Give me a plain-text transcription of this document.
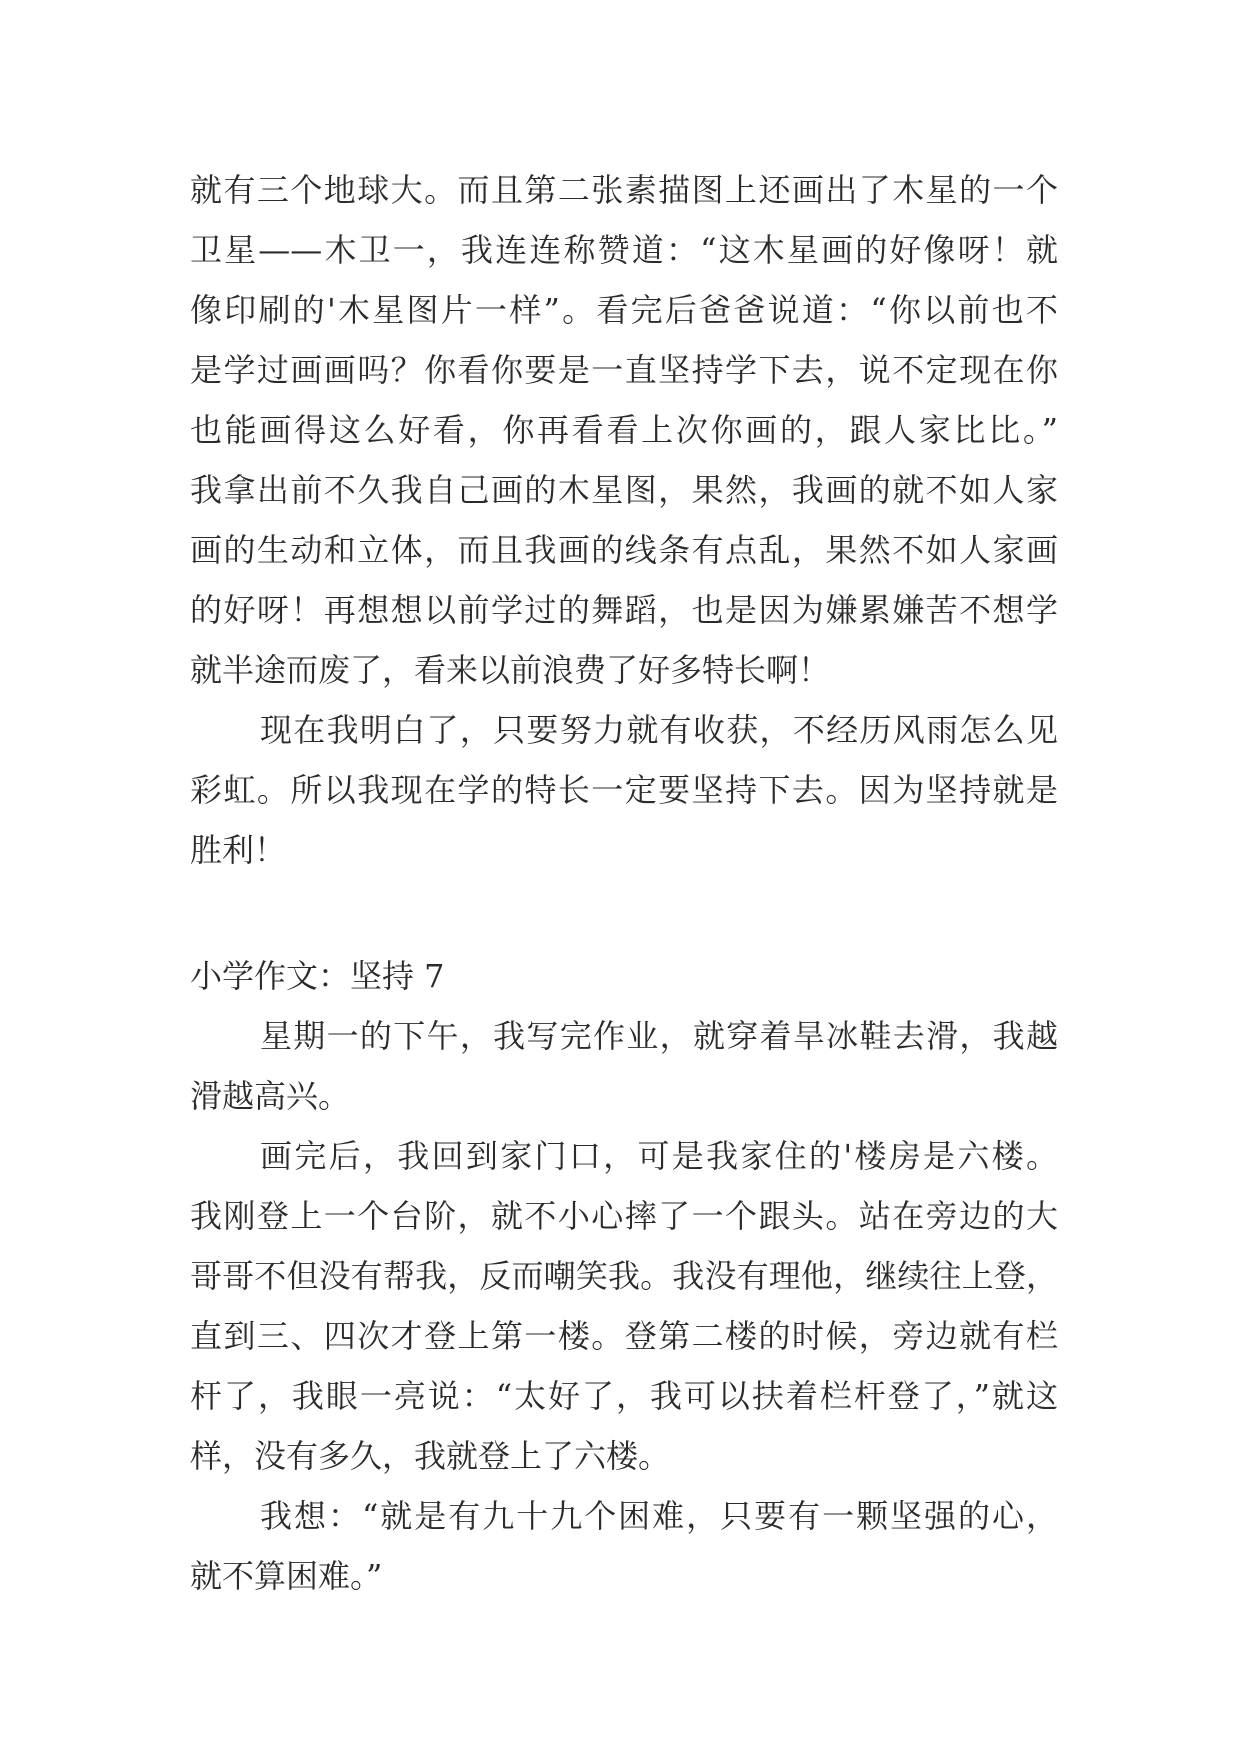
就有三个地球大。而且第二张素描图上还画出了木星的一个
卫星——木卫一，我连连称赞道：“这木星画的好像呀！就
像印刷的'木星图片一样”。看完后爸爸说道：“你以前也不
是学过画画吗？你看你要是一直坚持学下去，说不定现在你
也能画得这么好看，你再看看上次你画的，跟人家比比。”
我拿出前不久我自己画的木星图，果然，我画的就不如人家
画的生动和立体，而且我画的线条有点乱，果然不如人家画
的好呀！再想想以前学过的舞蹈，也是因为嫌累嫌苦不想学
就半途而废了，看来以前浪费了好多特长啊！
现在我明白了，只要努力就有收获，不经历风雨怎么见
彩虹。所以我现在学的特长一定要坚持下去。因为坚持就是
胜利！
小学作文：坚持 7
星期一的下午，我写完作业，就穿着旱冰鞋去滑，我越
滑越高兴。
画完后，我回到家门口，可是我家住的'楼房是六楼。
我刚登上一个台阶，就不小心摔了一个跟头。站在旁边的大
哥哥不但没有帮我，反而嘲笑我。我没有理他，继续往上登，
直到三、四次才登上第一楼。登第二楼的时候，旁边就有栏
杆了，我眼一亮说：“太好了，我可以扶着栏杆登了，”就这
样，没有多久，我就登上了六楼。
我想：“就是有九十九个困难，只要有一颗坚强的心，
就不算困难。”
